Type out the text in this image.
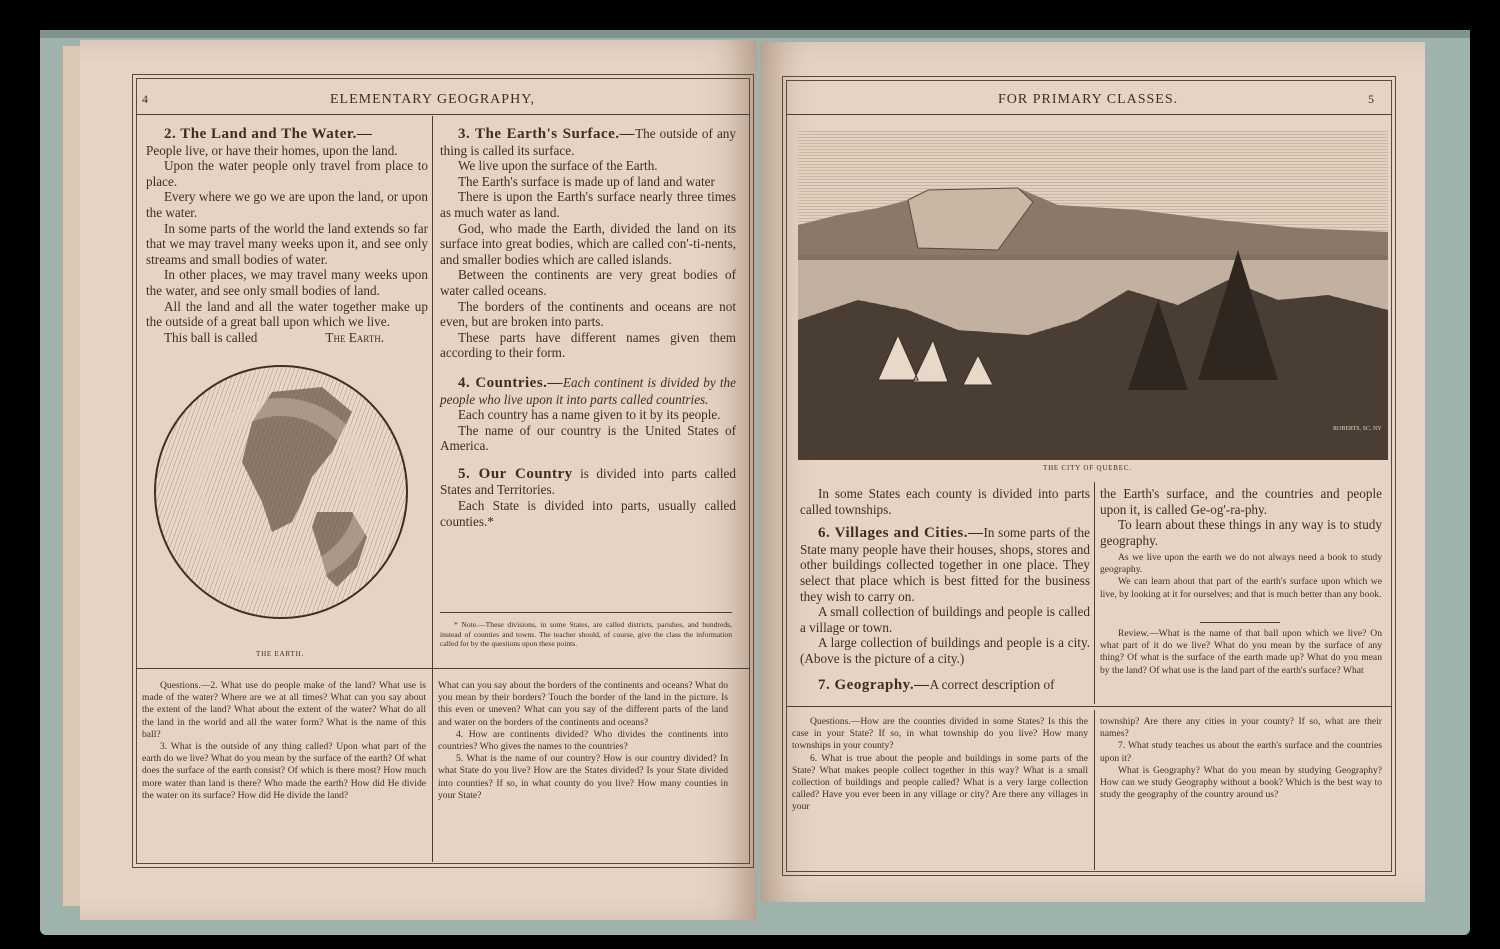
4	ELEMENTARY GEOGRAPHY,

2. The Land and The Water.—

People live, or have their homes, upon the land.

Upon the water people only travel from place to place.

Every where we go we are upon the land, or upon the water.

In some parts of the world the land extends so far that we may travel many weeks upon it, and see only streams and small bodies of water.

In other places, we may travel many weeks upon the water, and see only small bodies of land.

All the land and all the water together make up the outside of a great ball upon which we live.

This ball is called	The Earth.

THE EARTH.

3. The Earth's Surface.—The outside of any thing is called its surface.

We live upon the surface of the Earth.

The Earth's surface is made up of land and water

There is upon the Earth's surface nearly three times as much water as land.

God, who made the Earth, divided the land on its surface into great bodies, which are called con'-ti-nents, and smaller bodies which are called islands.

Between the continents are very great bodies of water called oceans.

The borders of the continents and oceans are not even, but are broken into parts.

These parts have different names given them according to their form.

4. Countries.—Each continent is divided by the people who live upon it into parts called countries.

Each country has a name given to it by its people.

The name of our country is the United States of America.

5. Our Country is divided into parts called States and Territories.

Each State is divided into parts, usually called counties.*

* Note.—These divisions, in some States, are called districts, parishes, and hundreds, instead of counties and towns. The teacher should, of course, give the class the information called for by the questions upon these points.

Questions.—2. What use do people make of the land? What use is made of the water? Where are we at all times? What can you say about the extent of the land? What about the extent of the water? What do all the land in the world and all the water form? What is the name of this ball?

3. What is the outside of any thing called? Upon what part of the earth do we live? What do you mean by the surface of the earth? Of what does the surface of the earth consist? Of which is there most? How much more water than land is there? Who made the earth? How did He divide the water on its surface? How did He divide the land?

What can you say about the borders of the continents and oceans? What do you mean by their borders? Touch the border of the land in the picture. Is this even or uneven? What can you say of the different parts of the land and water on the borders of the continents and oceans?

4. How are continents divided? Who divides the continents into countries? Who gives the names to the countries?

5. What is the name of our country? How is our country divided? In what State do you live? How are the States divided? Is your State divided into counties? If so, in what county do you live? How many counties in your State?

FOR PRIMARY CLASSES.	5
ROBERTS. SC. NY
THE CITY OF QUEBEC.

In some States each county is divided into parts called townships.

6. Villages and Cities.—In some parts of the State many people have their houses, shops, stores and other buildings collected together in one place. They select that place which is best fitted for the business they wish to carry on.

A small collection of buildings and people is called a village or town.

A large collection of buildings and people is a city. (Above is the picture of a city.)

7. Geography.—A correct description of

the Earth's surface, and the countries and people upon it, is called Ge-og'-ra-phy.

To learn about these things in any way is to study geography.

As we live upon the earth we do not always need a book to study geography.

We can learn about that part of the earth's surface upon which we live, by looking at it for ourselves; and that is much better than any book.

Review.—What is the name of that ball upon which we live? On what part of it do we live? What do you mean by the surface of any thing? Of what is the surface of the earth made up? What do you mean by the land? Of what use is the land part of the earth's surface? What

Questions.—How are the counties divided in some States? Is this the case in your State? If so, in what township do you live? How many townships in your county?

6. What is true about the people and buildings in some parts of the State? What makes people collect together in this way? What is a small collection of buildings and people called? What is a very large collection called? Have you ever been in any village or city? Are there any villages in your

township? Are there any cities in your county? If so, what are their names?

7. What study teaches us about the earth's surface and the countries upon it?

What is Geography? What do you mean by studying Geography? How can we study Geography without a book? Which is the best way to study the geography of the country around us?
